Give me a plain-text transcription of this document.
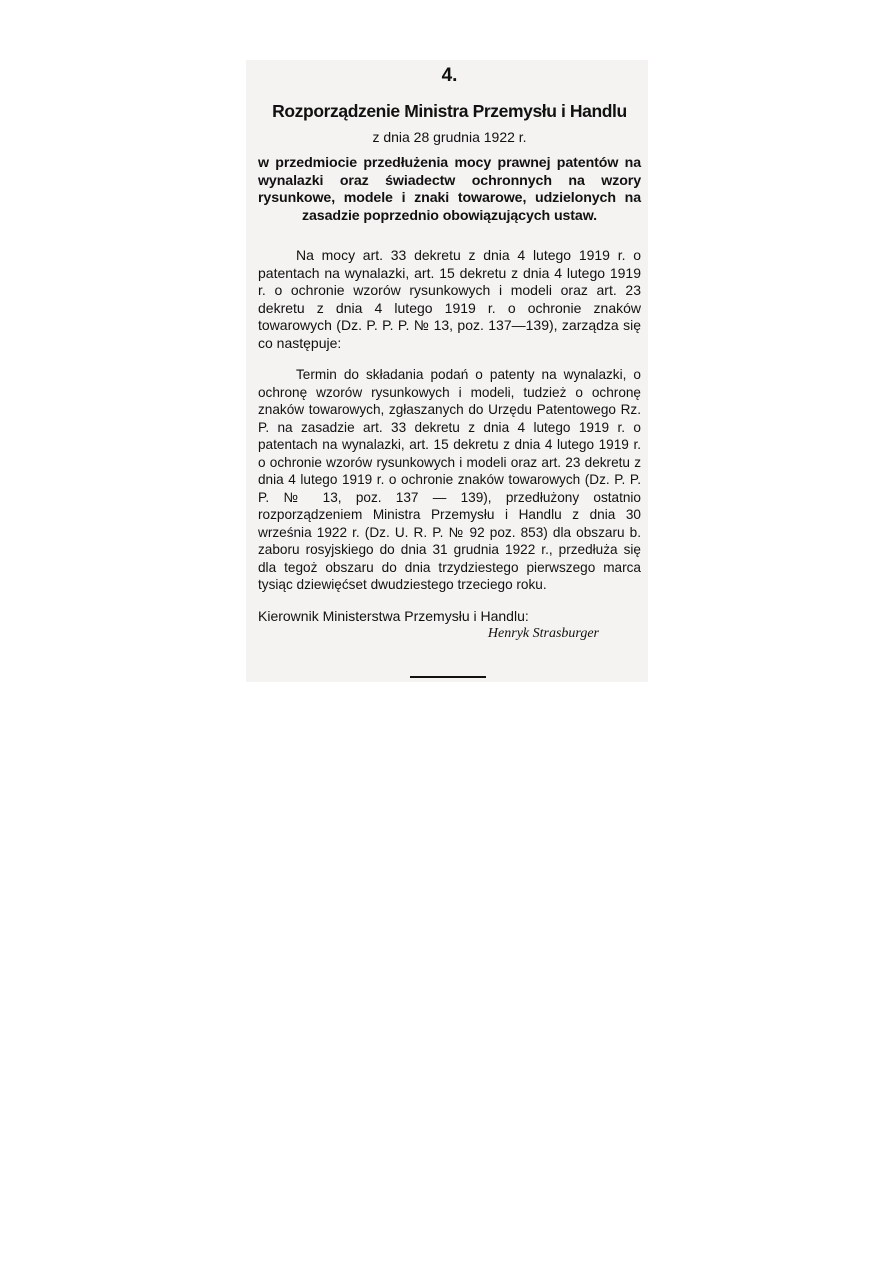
4.
Rozporządzenie Ministra Przemysłu i Handlu
z dnia 28 grudnia 1922 r.
w przedmiocie przedłużenia mocy prawnej patentów na wynalazki oraz świadectw ochronnych na wzory rysunkowe, modele i znaki towarowe, udzielonych na zasadzie poprzednio obowiązujących ustaw.

Na mocy art. 33 dekretu z dnia 4 lutego 1919 r. o patentach na wynalazki, art. 15 dekretu z dnia 4 lutego 1919 r. o ochronie wzorów rysunkowych i modeli oraz art. 23 dekretu z dnia 4 lutego 1919 r. o ochronie znaków towarowych (Dz. P. P. P. № 13, poz. 137—139), zarządza się co następuje:

Termin do składania podań o patenty na wynalazki, o ochronę wzorów rysunkowych i modeli, tudzież o ochronę znaków towarowych, zgłaszanych do Urzędu Patentowego Rz. P. na zasadzie art. 33 dekretu z dnia 4 lutego 1919 r. o patentach na wynalazki, art. 15 dekretu z dnia 4 lutego 1919 r. o ochronie wzorów rysunkowych i modeli oraz art. 23 dekretu z dnia 4 lutego 1919 r. o ochronie znaków towarowych (Dz. P. P. P. № 13, poz. 137 — 139), przedłużony ostatnio rozporządzeniem Ministra Przemysłu i Handlu z dnia 30 września 1922 r. (Dz. U. R. P. № 92 poz. 853) dla obszaru b. zaboru rosyjskiego do dnia 31 grudnia 1922 r., przedłuża się dla tegoż obszaru do dnia trzydziestego pierwszego marca tysiąc dziewięćset dwudziestego trzeciego roku.

Kierownik Ministerstwa Przemysłu i Handlu:
Henryk Strasburger
